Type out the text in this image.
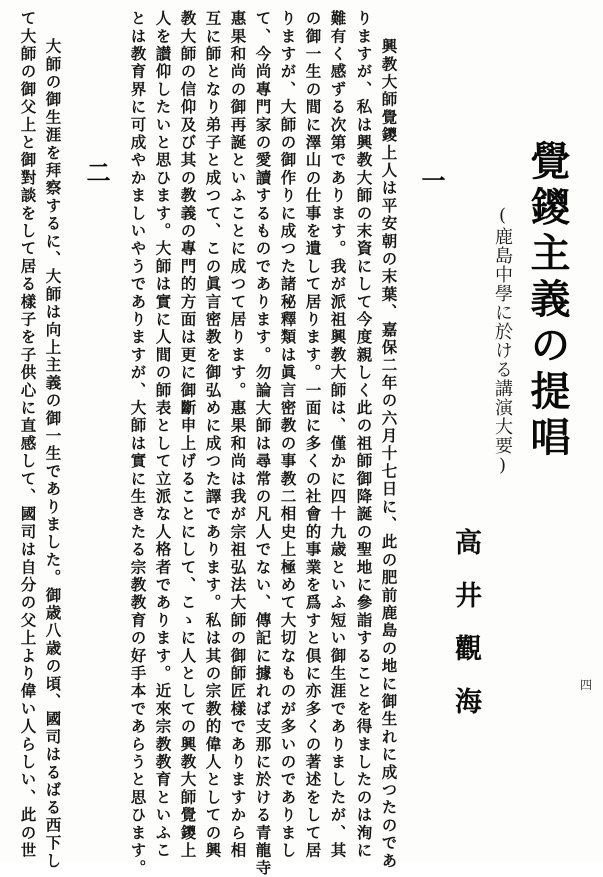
覺鑁主義の提唱
(鹿島中學に於ける講演大要)
高井觀海
一
興教大師覺鑁上人は平安朝の末葉、嘉保二年の六月十七日に、此の肥前鹿島の地に御生れに成つたのであ
りますが、私は興教大師の末資にして今度親しく此の祖師御降誕の聖地に參詣することを得ましたのは洵に
難有く感ずる次第であります。我が派祖興教大師は、僅かに四十九歳といふ短い御生涯でありましたが、其
の御一生の間に澤山の仕事を遺して居ります。一面に多くの社會的事業を爲すと倶に亦多くの著述をして居
りますが、大師の御作りに成つた諸秘釋類は眞言密教の事教二相史上極めて大切なものが多いのでありまし
て、今尚專門家の愛讀するものであります。勿論大師は尋常の凡人でない、傳記に據れば支那に於ける青龍寺
惠果和尚の御再誕といふことに成つて居ります。惠果和尚は我が宗祖弘法大師の御師匠樣でありますから相
互に師となり弟子と成つて、この眞言密教を御弘めに成つた譯であります。私は其の宗教的偉人としての興
教大師の信仰及び其の教義の專門的方面は更に御斷申上げることにして、こゝに人としての興教大師覺鑁上
人を讃仰したいと思ひます。大師は實に人間の師表として立派な人格者であります。近來宗教教育といふこ
とは教育界に可成やかましいやうでありますが、大師は實に生きたる宗教教育の好手本であらうと思ひます。
二
大師の御生涯を拜察するに、大師は向上主義の御一生でありました。御歳八歳の頃、國司はるばる西下し
て大師の御父上と御對談をして居る樣子を子供心に直感して、國司は自分の父上より偉い人らしい、此の世	四
